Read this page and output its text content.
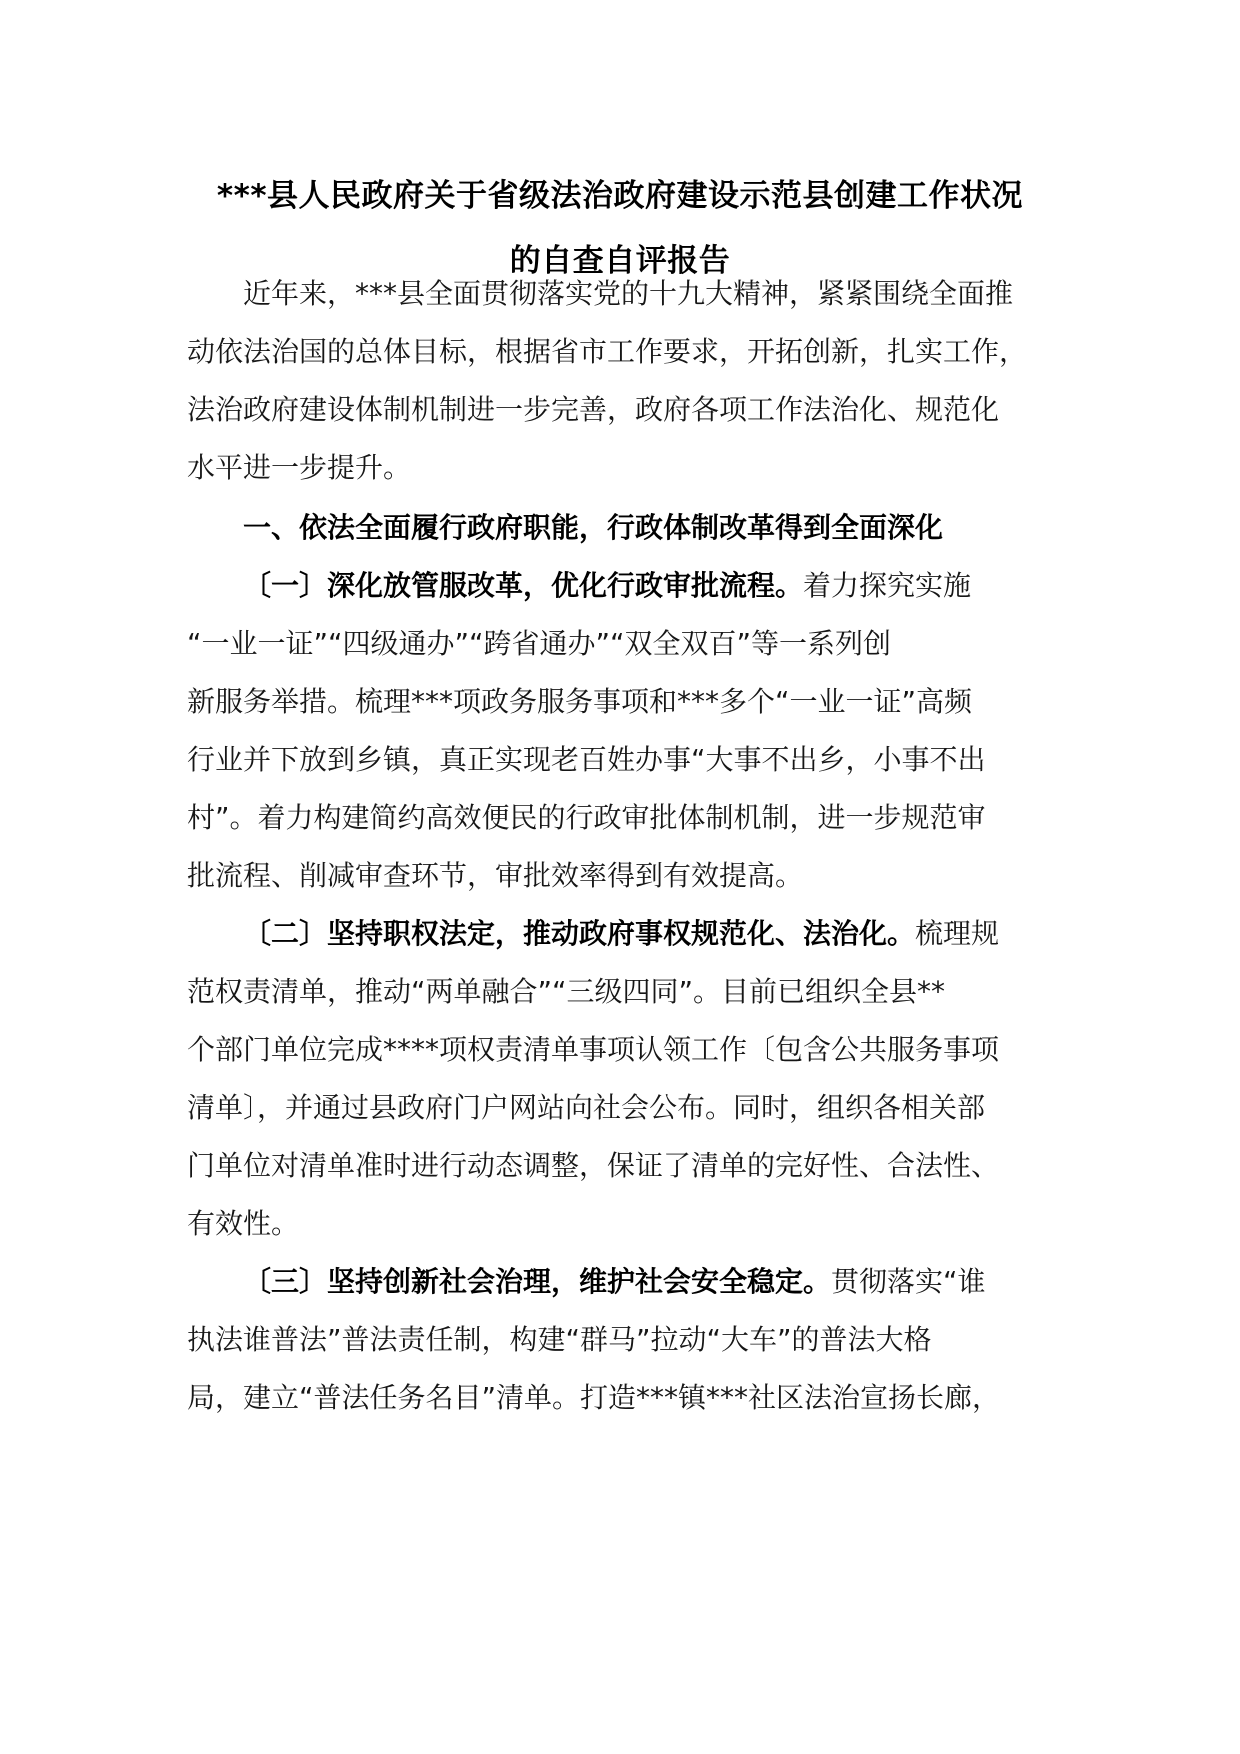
***县人民政府关于省级法治政府建设示范县创建工作状况
的自查自评报告
近年来，***县全面贯彻落实党的十九大精神，紧紧围绕全面推
动依法治国的总体目标，根据省市工作要求，开拓创新，扎实工作，
法治政府建设体制机制进一步完善，政府各项工作法治化、规范化
水平进一步提升。
一、依法全面履行政府职能，行政体制改革得到全面深化
〔一〕深化放管服改革，优化行政审批流程。着力探究实施
“一业一证”“四级通办”“跨省通办”“双全双百”等一系列创
新服务举措。梳理***项政务服务事项和***多个“一业一证”高频
行业并下放到乡镇，真正实现老百姓办事“大事不出乡，小事不出
村”。着力构建简约高效便民的行政审批体制机制，进一步规范审
批流程、削减审查环节，审批效率得到有效提高。
〔二〕坚持职权法定，推动政府事权规范化、法治化。梳理规
范权责清单，推动“两单融合”“三级四同”。目前已组织全县**
个部门单位完成****项权责清单事项认领工作〔包含公共服务事项
清单〕，并通过县政府门户网站向社会公布。同时，组织各相关部
门单位对清单准时进行动态调整，保证了清单的完好性、合法性、
有效性。
〔三〕坚持创新社会治理，维护社会安全稳定。贯彻落实“谁
执法谁普法”普法责任制，构建“群马”拉动“大车”的普法大格
局，建立“普法任务名目”清单。打造***镇***社区法治宣扬长廊，
